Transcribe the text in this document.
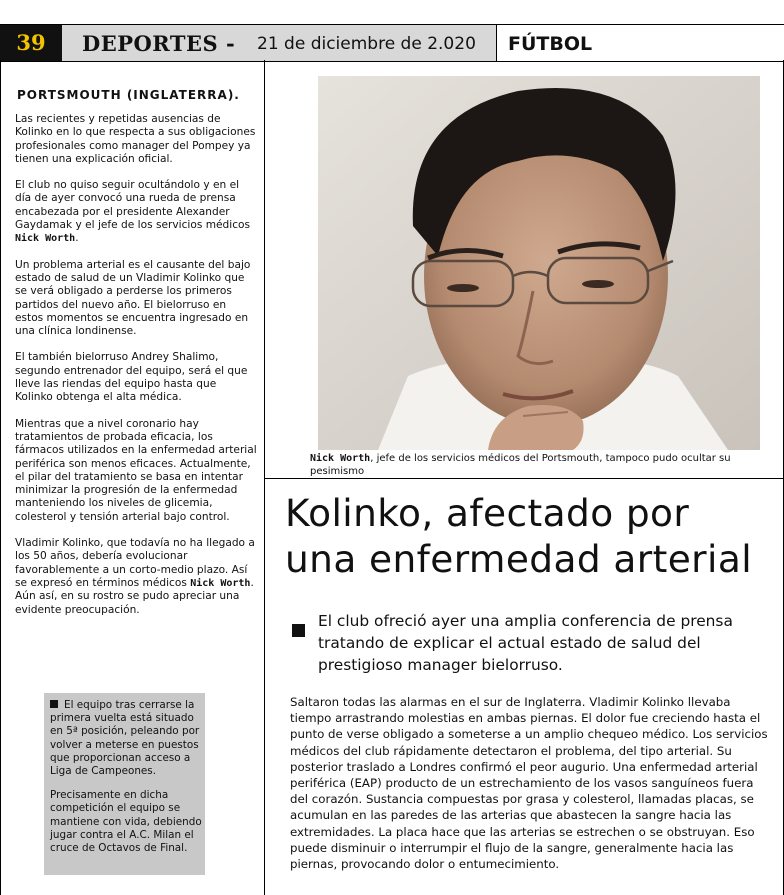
39	DEPORTES - 21 de diciembre de 2.020 FÚTBOL
PORTSMOUTH (INGLATERRA).

Las recientes y repetidas ausencias de Kolinko en lo que respecta a sus obligaciones profesionales como manager del Pompey ya tienen una explicación oficial.

El club no quiso seguir ocultándolo y en el día de ayer convocó una rueda de prensa encabezada por el presidente Alexander Gaydamak y el jefe de los servicios médicos Nick Worth.

Un problema arterial es el causante del bajo estado de salud de un Vladimir Kolinko que se verá obligado a perderse los primeros partidos del nuevo año. El bielorruso en estos momentos se encuentra ingresado en una clínica londinense.

El también bielorruso Andrey Shalimo, segundo entrenador del equipo, será el que lleve las riendas del equipo hasta que Kolinko obtenga el alta médica.

Mientras que a nivel coronario hay tratamientos de probada eficacia, los fármacos utilizados en la enfermedad arterial periférica son menos eficaces. Actualmente, el pilar del tratamiento se basa en intentar minimizar la progresión de la enfermedad manteniendo los niveles de glicemia, colesterol y tensión arterial bajo control.

Vladimir Kolinko, que todavía no ha llegado a los 50 años, debería evolucionar favorablemente a un corto-medio plazo. Así se expresó en términos médicos Nick Worth. Aún así, en su rostro se pudo apreciar una evidente preocupación.

El equipo tras cerrarse la primera vuelta está situado en 5ª posición, peleando por volver a meterse en puestos que proporcionan acceso a Liga de Campeones.

Precisamente en dicha competición el equipo se mantiene con vida, debiendo jugar contra el A.C. Milan el cruce de Octavos de Final.

Nick Worth, jefe de los servicios médicos del Portsmouth, tampoco pudo ocultar su pesimismo
Kolinko, afectado por
una enfermedad arterial
El club ofreció ayer una amplia conferencia de prensa tratando de explicar el actual estado de salud del prestigioso manager bielorruso.
Saltaron todas las alarmas en el sur de Inglaterra. Vladimir Kolinko llevaba tiempo arrastrando molestias en ambas piernas. El dolor fue creciendo hasta el punto de verse obligado a someterse a un amplio chequeo médico. Los servicios médicos del club rápidamente detectaron el problema, del tipo arterial. Su posterior traslado a Londres confirmó el peor augurio. Una enfermedad arterial periférica (EAP) producto de un estrechamiento de los vasos sanguíneos fuera del corazón. Sustancia compuestas por grasa y colesterol, llamadas placas, se acumulan en las paredes de las arterias que abastecen la sangre hacia las extremidades. La placa hace que las arterias se estrechen o se obstruyan. Eso puede disminuir o interrumpir el flujo de la sangre, generalmente hacia las piernas, provocando dolor o entumecimiento.
